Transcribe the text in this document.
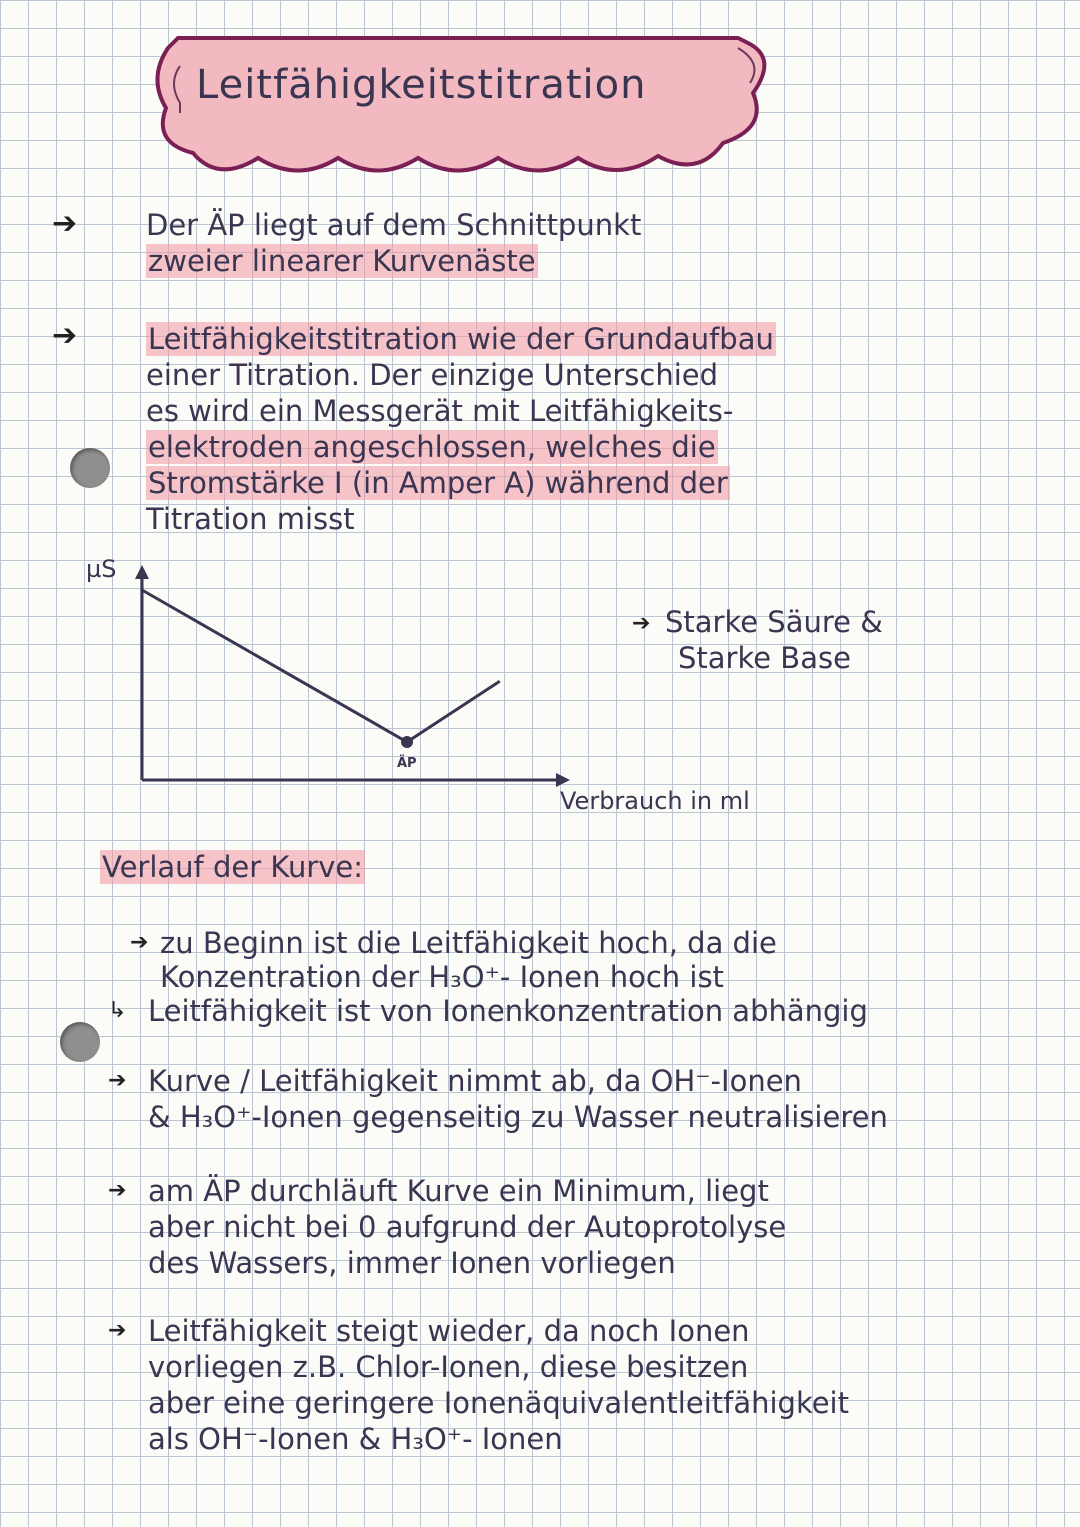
Leitfähigkeitstitration
➔ Der ÄP liegt auf dem Schnittpunkt
zweier linearer Kurvenäste
➔ Leitfähigkeitstitration wie der Grundaufbau
einer Titration. Der einzige Unterschied
es wird ein Messgerät mit Leitfähigkeits-
elektroden angeschlossen, welches die
Stromstärke I (in Amper A) während der
Titration misst
µS
ÄP
Verbrauch in ml
Starke Säure &
Starke Base
➔
Verlauf der Kurve:
➔ zu Beginn ist die Leitfähigkeit hoch, da die
Konzentration der H₃O⁺- Ionen hoch ist
↳ Leitfähigkeit ist von Ionenkonzentration abhängig
➔ Kurve / Leitfähigkeit nimmt ab, da OH⁻-Ionen
& H₃O⁺-Ionen gegenseitig zu Wasser neutralisieren
➔ am ÄP durchläuft Kurve ein Minimum, liegt
aber nicht bei 0 aufgrund der Autoprotolyse
des Wassers, immer Ionen vorliegen
➔ Leitfähigkeit steigt wieder, da noch Ionen
vorliegen z.B. Chlor-Ionen, diese besitzen
aber eine geringere Ionenäquivalentleitfähigkeit
als OH⁻-Ionen & H₃O⁺- Ionen
